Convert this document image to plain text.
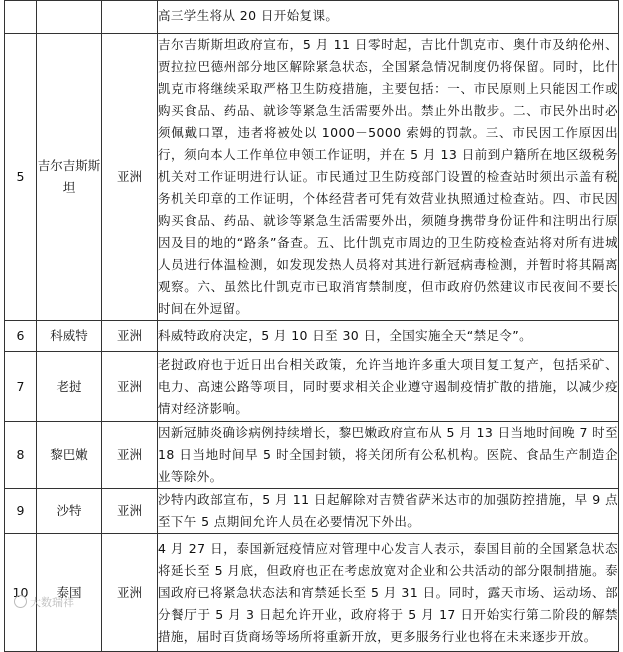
			高三学生将从 20 日开始复课。
5	吉尔吉斯斯坦	亚洲	吉尔吉斯斯坦政府宣布，5 月 11 日零时起，吉比什凯克市、奥什市及纳伦州、贾拉拉巴德州部分地区解除紧急状态，全国紧急情况制度仍将保留。同时，比什凯克市将继续采取严格卫生防疫措施，主要包括：一、市民原则上只能因工作或购买食品、药品、就诊等紧急生活需要外出。禁止外出散步。二、市民外出时必须佩戴口罩，违者将被处以 1000－5000 索姆的罚款。三、市民因工作原因出行，须向本人工作单位申领工作证明，并在 5 月 13 日前到户籍所在地区级税务机关对工作证明进行认证。市民通过卫生防疫部门设置的检查站时须出示盖有税务机关印章的工作证明，个体经营者可凭有效营业执照通过检查站。四、市民因购买食品、药品、就诊等紧急生活需要外出，须随身携带身份证件和注明出行原因及目的地的“路条”备查。五、比什凯克市周边的卫生防疫检查站将对所有进城人员进行体温检测，如发现发热人员将对其进行新冠病毒检测，并暂时将其隔离观察。六、虽然比什凯克市已取消宵禁制度，但市政府仍然建议市民夜间不要长时间在外逗留。
6	科威特	亚洲	科威特政府决定，5 月 10 日至 30 日，全国实施全天“禁足令”。
7	老挝	亚洲	老挝政府也于近日出台相关政策，允许当地许多重大项目复工复产，包括采矿、电力、高速公路等项目，同时要求相关企业遵守遏制疫情扩散的措施，以减少疫情对经济影响。
8	黎巴嫩	亚洲	因新冠肺炎确诊病例持续增长，黎巴嫩政府宣布从 5 月 13 日当地时间晚 7 时至 18 日当地时间早 5 时全国封锁，将关闭所有公私机构。医院、食品生产制造企业等除外。
9	沙特	亚洲	沙特内政部宣布，5 月 11 日起解除对吉赞省萨米达市的加强防控措施，早 9 点至下午 5 点期间允许人员在必要情况下外出。
10	泰国	亚洲	4 月 27 日，泰国新冠疫情应对管理中心发言人表示，泰国目前的全国紧急状态将延长至 5 月底，但政府也正在考虑放宽对企业和公共活动的部分限制措施。泰国政府已将紧急状态法和宵禁延长至 5 月 31 日。同时，露天市场、运动场、部分餐厅于 5 月 3 日起允许开业，政府将于 5 月 17 日开始实行第二阶段的解禁措施，届时百货商场等场所将重新开放，更多服务行业也将在未来逐步开放。
大数瑞祥
